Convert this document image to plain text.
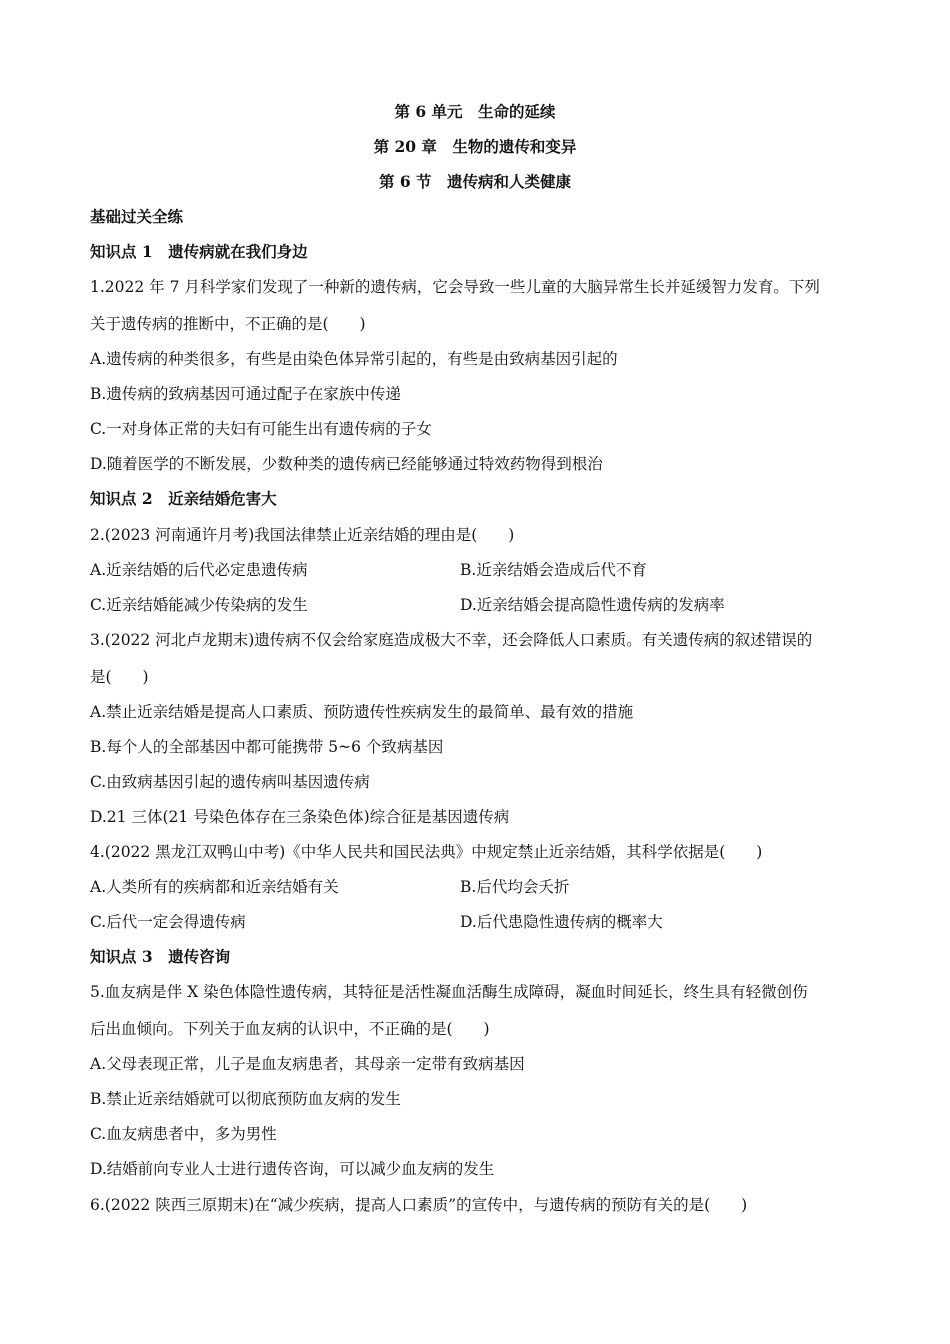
第 6 单元　生命的延续
第 20 章　生物的遗传和变异
第 6 节　遗传病和人类健康
基础过关全练
知识点 1　遗传病就在我们身边
1.2022 年 7 月科学家们发现了一种新的遗传病，它会导致一些儿童的大脑异常生长并延缓智力发育。下列
关于遗传病的推断中，不正确的是(　　)
A.遗传病的种类很多，有些是由染色体异常引起的，有些是由致病基因引起的
B.遗传病的致病基因可通过配子在家族中传递
C.一对身体正常的夫妇有可能生出有遗传病的子女
D.随着医学的不断发展，少数种类的遗传病已经能够通过特效药物得到根治
知识点 2　近亲结婚危害大
2.(2023 河南通许月考)我国法律禁止近亲结婚的理由是(　　)
A.近亲结婚的后代必定患遗传病	B.近亲结婚会造成后代不育
C.近亲结婚能减少传染病的发生	D.近亲结婚会提高隐性遗传病的发病率
3.(2022 河北卢龙期末)遗传病不仅会给家庭造成极大不幸，还会降低人口素质。有关遗传病的叙述错误的
是(　　)
A.禁止近亲结婚是提高人口素质、预防遗传性疾病发生的最简单、最有效的措施
B.每个人的全部基因中都可能携带 5~6 个致病基因
C.由致病基因引起的遗传病叫基因遗传病
D.21 三体(21 号染色体存在三条染色体)综合征是基因遗传病
4.(2022 黑龙江双鸭山中考)《中华人民共和国民法典》中规定禁止近亲结婚，其科学依据是(　　)
A.人类所有的疾病都和近亲结婚有关	B.后代均会夭折
C.后代一定会得遗传病	D.后代患隐性遗传病的概率大
知识点 3　遗传咨询
5.血友病是伴 X 染色体隐性遗传病，其特征是活性凝血活酶生成障碍，凝血时间延长，终生具有轻微创伤
后出血倾向。下列关于血友病的认识中，不正确的是(　　)
A.父母表现正常，儿子是血友病患者，其母亲一定带有致病基因
B.禁止近亲结婚就可以彻底预防血友病的发生
C.血友病患者中，多为男性
D.结婚前向专业人士进行遗传咨询，可以减少血友病的发生
6.(2022 陕西三原期末)在“减少疾病，提高人口素质”的宣传中，与遗传病的预防有关的是(　　)
